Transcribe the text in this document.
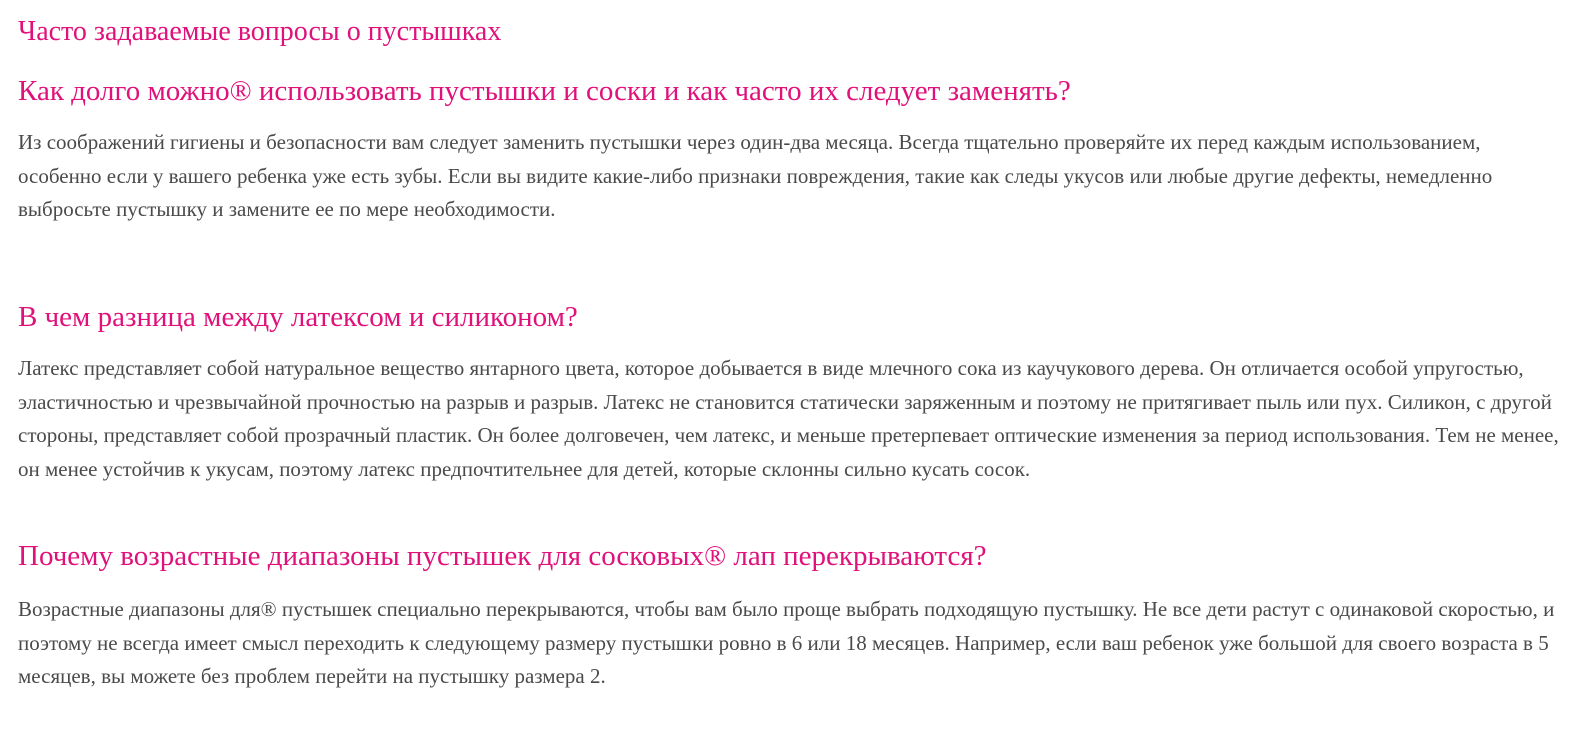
Часто задаваемые вопросы о пустышках
Как долго можно® использовать пустышки и соски и как часто их следует заменять?

Из соображений гигиены и безопасности вам следует заменить пустышки через один-два месяца. Всегда тщательно проверяйте их перед каждым использованием, особенно если у вашего ребенка уже есть зубы. Если вы видите какие-либо признаки повреждения, такие как следы укусов или любые другие дефекты, немедленно выбросьте пустышку и замените ее по мере необходимости.

В чем разница между латексом и силиконом?

Латекс представляет собой натуральное вещество янтарного цвета, которое добывается в виде млечного сока из каучукового дерева. Он отличается особой упругостью, эластичностью и чрезвычайной прочностью на разрыв и разрыв. Латекс не становится статически заряженным и поэтому не притягивает пыль или пух. Силикон, с другой стороны, представляет собой прозрачный пластик. Он более долговечен, чем латекс, и меньше претерпевает оптические изменения за период использования. Тем не менее, он менее устойчив к укусам, поэтому латекс предпочтительнее для детей, которые склонны сильно кусать сосок.

Почему возрастные диапазоны пустышек для сосковых® лап перекрываются?

Возрастные диапазоны для® пустышек специально перекрываются, чтобы вам было проще выбрать подходящую пустышку. Не все дети растут с одинаковой скоростью, и поэтому не всегда имеет смысл переходить к следующему размеру пустышки ровно в 6 или 18 месяцев. Например, если ваш ребенок уже большой для своего возраста в 5 месяцев, вы можете без проблем перейти на пустышку размера 2.
